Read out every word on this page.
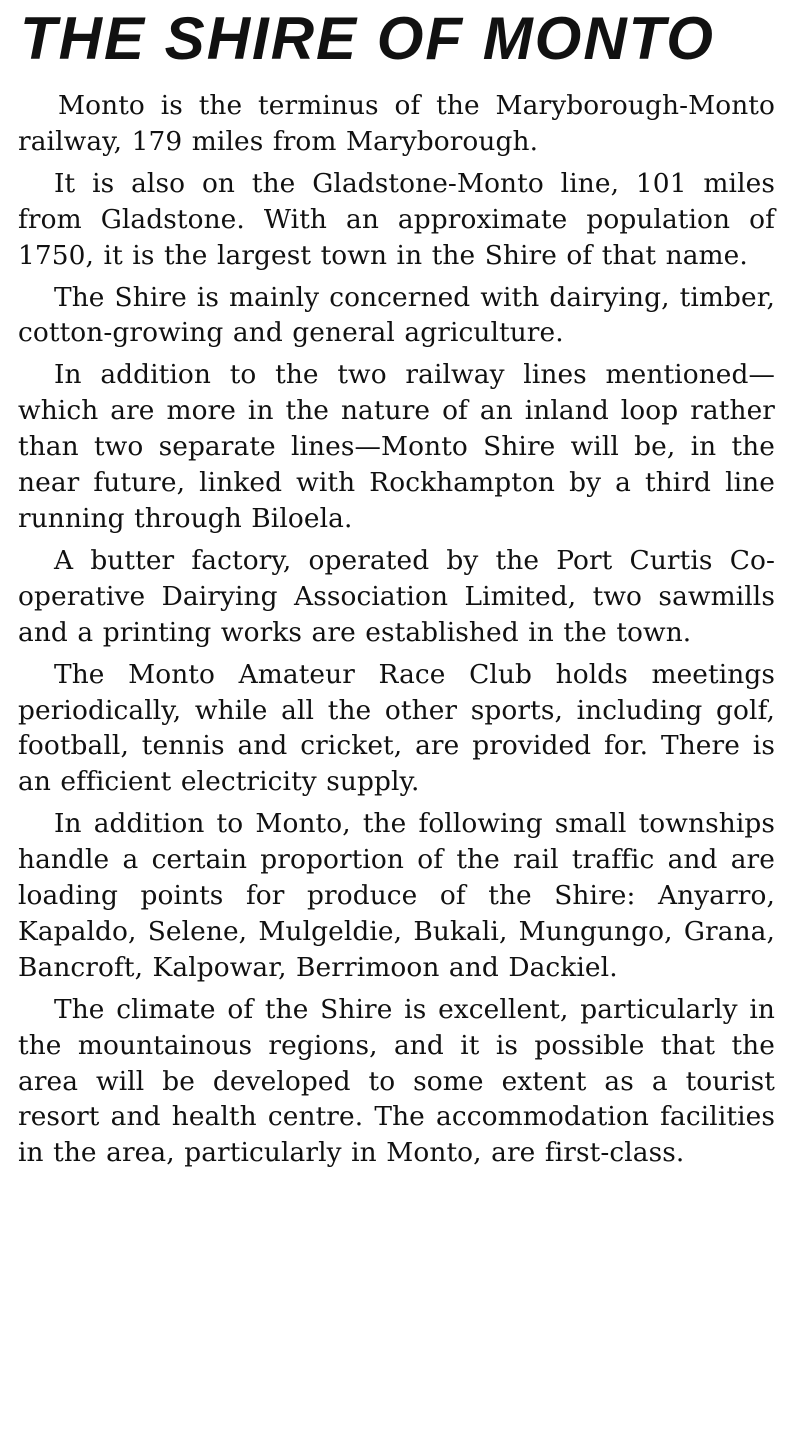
THE SHIRE OF MONTO

Monto is the terminus of the Maryborough-Monto railway, 179 miles from Maryborough.

It is also on the Gladstone-Monto line, 101 miles from Gladstone. With an approximate population of 1750, it is the largest town in the Shire of that name.

The Shire is mainly concerned with dairying, timber, cotton-growing and general agriculture.

In addition to the two railway lines mentioned—which are more in the nature of an inland loop rather than two separate lines—Monto Shire will be, in the near future, linked with Rockhampton by a third line running through Biloela.

A butter factory, operated by the Port Curtis Co-operative Dairying Association Limited, two sawmills and a printing works are established in the town.

The Monto Amateur Race Club holds meetings periodically, while all the other sports, including golf, football, tennis and cricket, are provided for. There is an efficient electricity supply.

In addition to Monto, the following small townships handle a certain proportion of the rail traffic and are loading points for produce of the Shire: Anyarro, Kapaldo, Selene, Mulgeldie, Bukali, Mungungo, Grana, Bancroft, Kalpowar, Berrimoon and Dackiel.

The climate of the Shire is excellent, particularly in the mountainous regions, and it is possible that the area will be developed to some extent as a tourist resort and health centre. The accommodation facilities in the area, particularly in Monto, are first-class.
